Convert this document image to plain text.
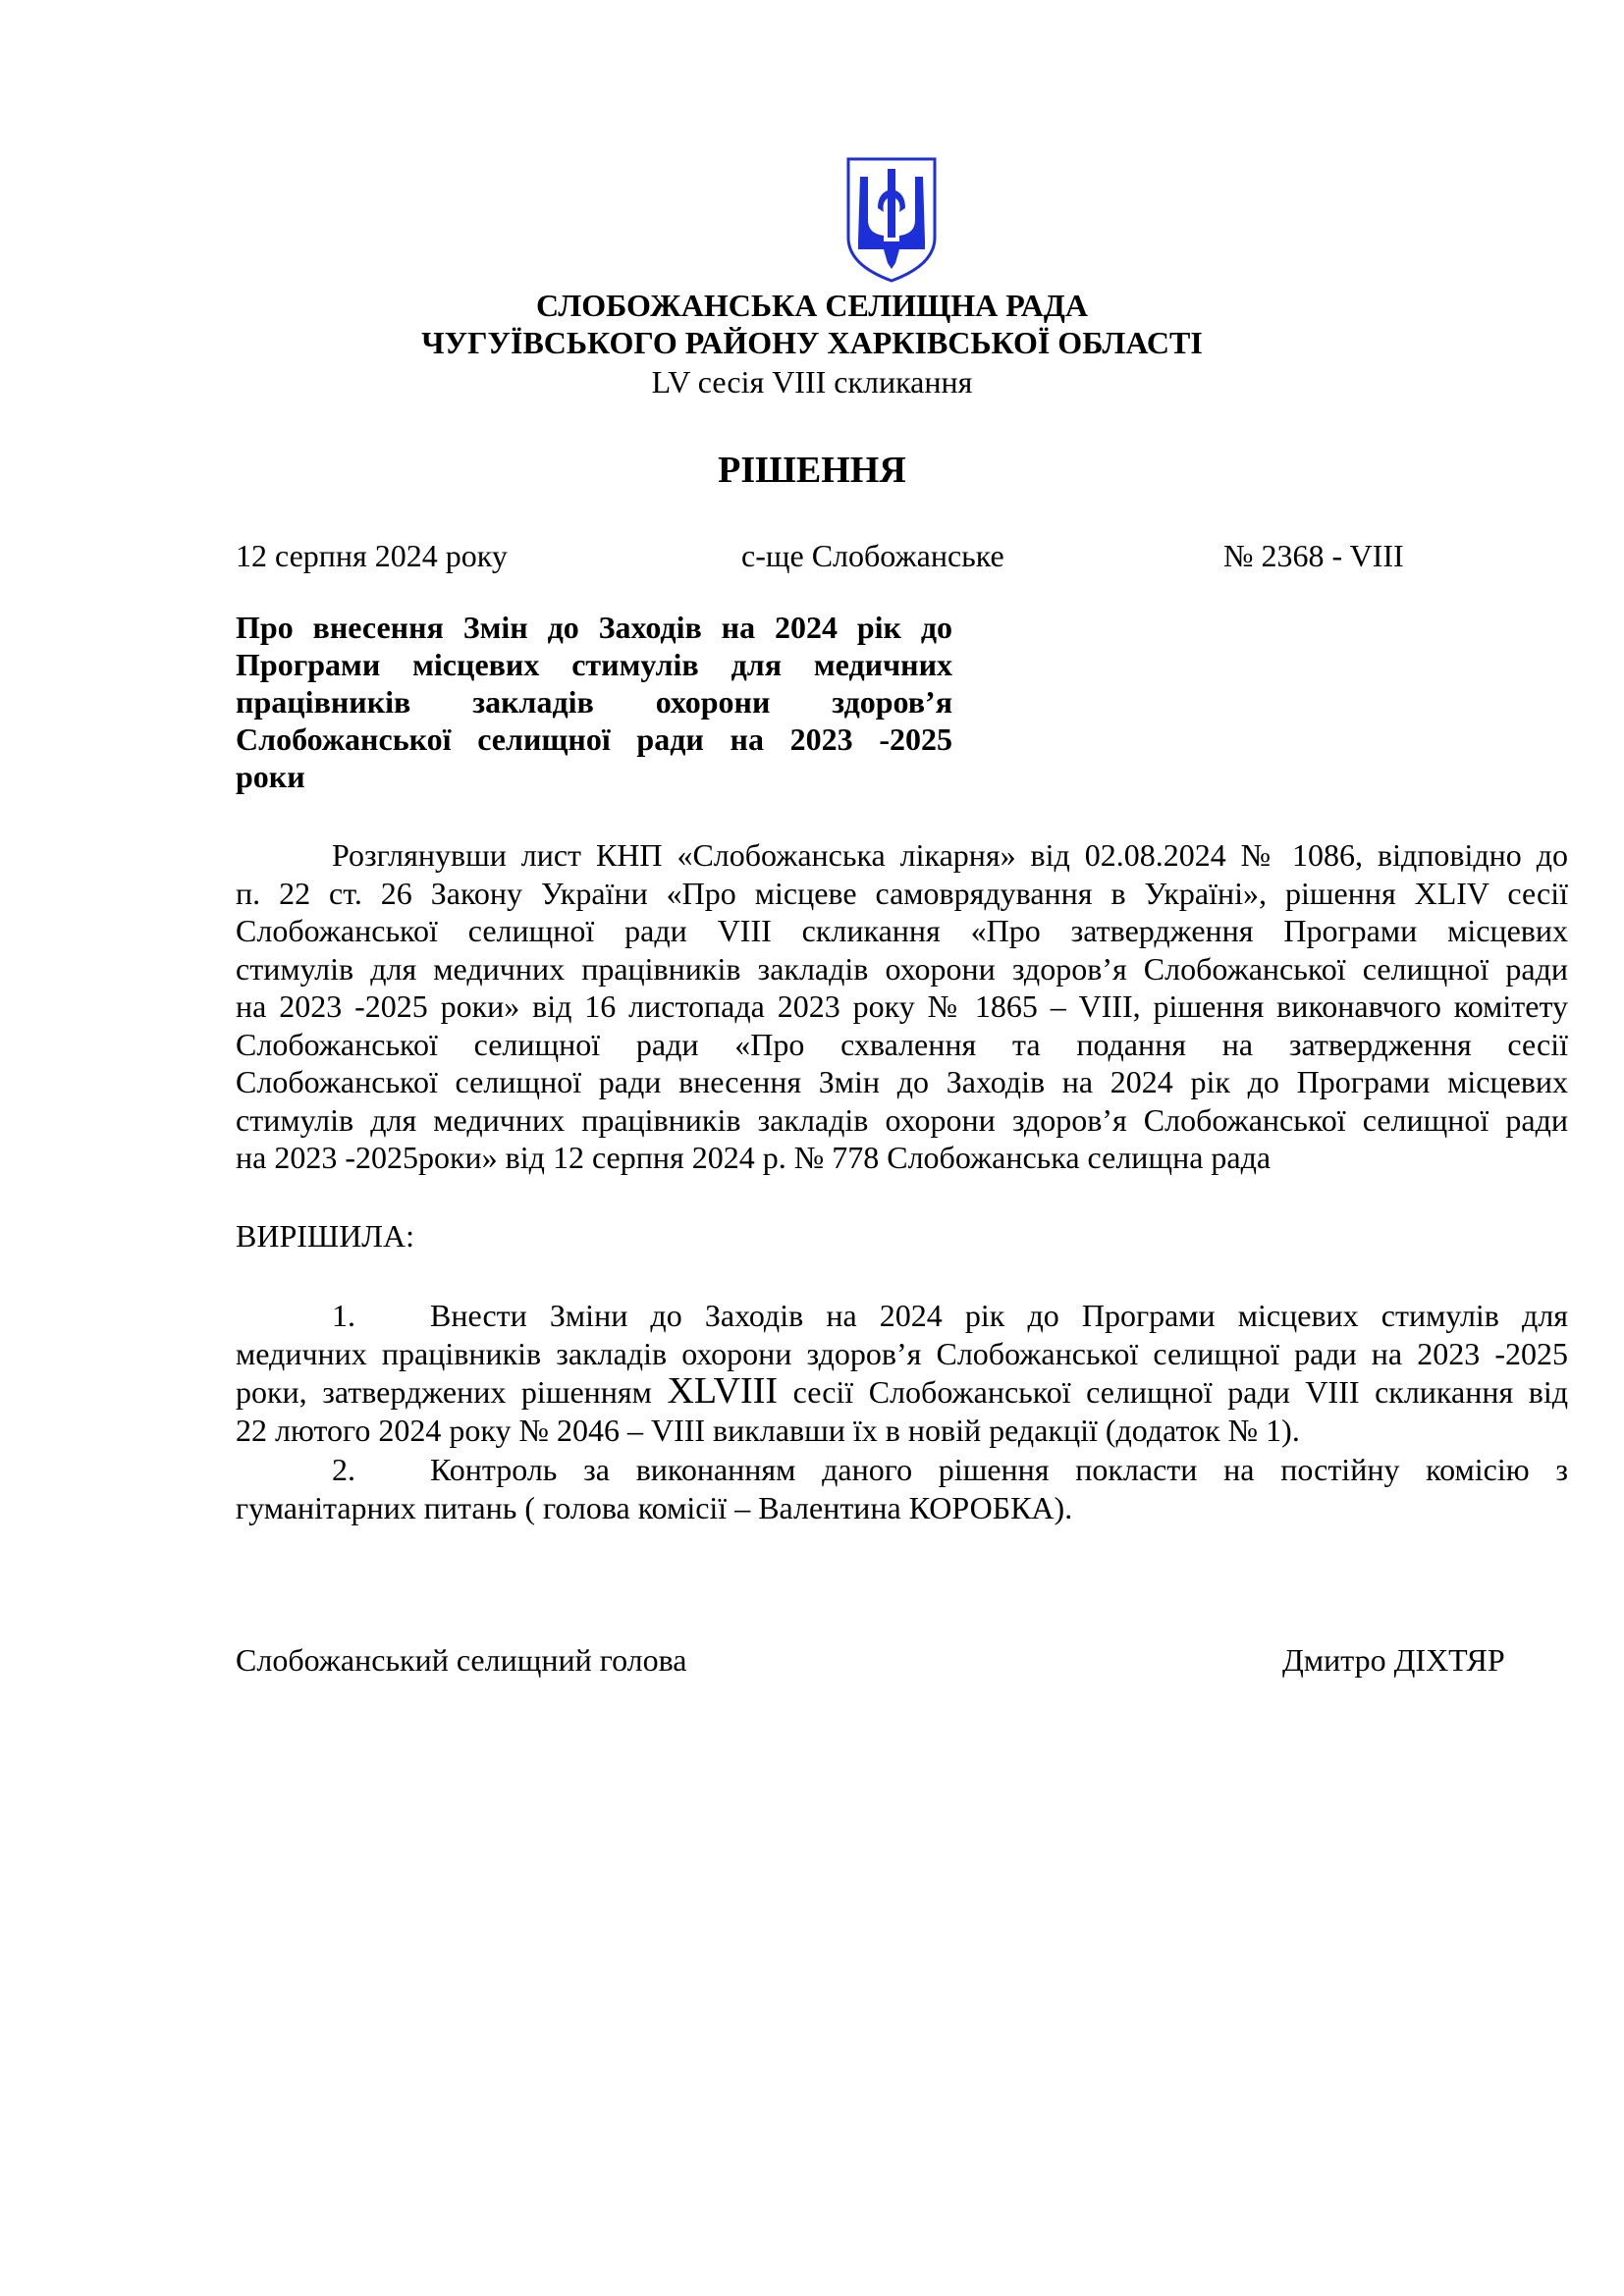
СЛОБОЖАНСЬКА СЕЛИЩНА РАДА
ЧУГУЇВСЬКОГО РАЙОНУ ХАРКІВСЬКОЇ ОБЛАСТІ
LV сесія VIII скликання
РІШЕННЯ
12 серпня 2024 року	с-ще Слобожанське	№ 2368 - VIII
Про внесення Змін до Заходів на 2024 рік до
Програми місцевих стимулів для медичних
працівників закладів охорони здоров’я
Слобожанської селищної ради на 2023 -2025
роки
Розглянувши лист КНП «Слобожанська лікарня» від 02.08.2024 № 1086, відповідно до
п. 22 ст. 26 Закону України «Про місцеве самоврядування в Україні», рішення XLIV сесії
Слобожанської селищної ради VIII скликання «Про затвердження Програми місцевих
стимулів для медичних працівників закладів охорони здоров’я Слобожанської селищної ради
на 2023 -2025 роки» від 16 листопада 2023 року № 1865 – VIII, рішення виконавчого комітету
Слобожанської селищної ради «Про схвалення та подання на затвердження сесії
Слобожанської селищної ради внесення Змін до Заходів на 2024 рік до Програми місцевих
стимулів для медичних працівників закладів охорони здоров’я Слобожанської селищної ради
на 2023 -2025роки» від 12 серпня 2024 р. № 778 Слобожанська селищна рада
ВИРІШИЛА:
1. Внести Зміни до Заходів на 2024 рік до Програми місцевих стимулів для
медичних працівників закладів охорони здоров’я Слобожанської селищної ради на 2023 -2025
роки, затверджених рішенням XLVIII сесії Слобожанської селищної ради VIII скликання від
22 лютого 2024 року № 2046 – VIII виклавши їх в новій редакції (додаток № 1).
2. Контроль за виконанням даного рішення покласти на постійну комісію з
гуманітарних питань ( голова комісії – Валентина КОРОБКА).
Слобожанський селищний голова	Дмитро ДІХТЯР
